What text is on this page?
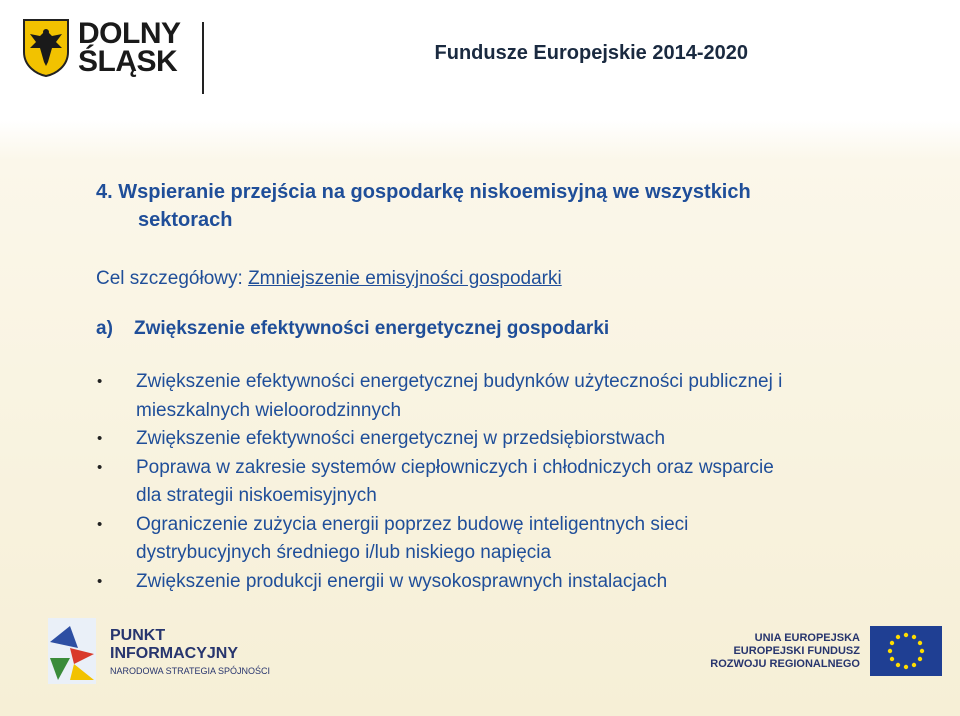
DOLNY
ŚLĄSK	Fundusze Europejskie 2014-2020
4. Wspieranie przejścia na gospodarkę niskoemisyjną we wszystkich
sektorach
Cel szczegółowy: Zmniejszenie emisyjności gospodarki
a)	Zwiększenie efektywności energetycznej gospodarki
• Zwiększenie efektywności energetycznej budynków użyteczności publicznej i mieszkalnych wieloorodzinnych
• Zwiększenie efektywności energetycznej w przedsiębiorstwach
• Poprawa w zakresie systemów ciepłowniczych i chłodniczych oraz wsparcie dla strategii niskoemisyjnych
• Ograniczenie zużycia energii poprzez budowę inteligentnych sieci dystrybucyjnych średniego i/lub niskiego napięcia
• Zwiększenie produkcji energii w wysokosprawnych instalacjach
PUNKT
INFORMACYJNY
NARODOWA STRATEGIA SPÓJNOŚCI
UNIA EUROPEJSKA
EUROPEJSKI FUNDUSZ
ROZWOJU REGIONALNEGO
